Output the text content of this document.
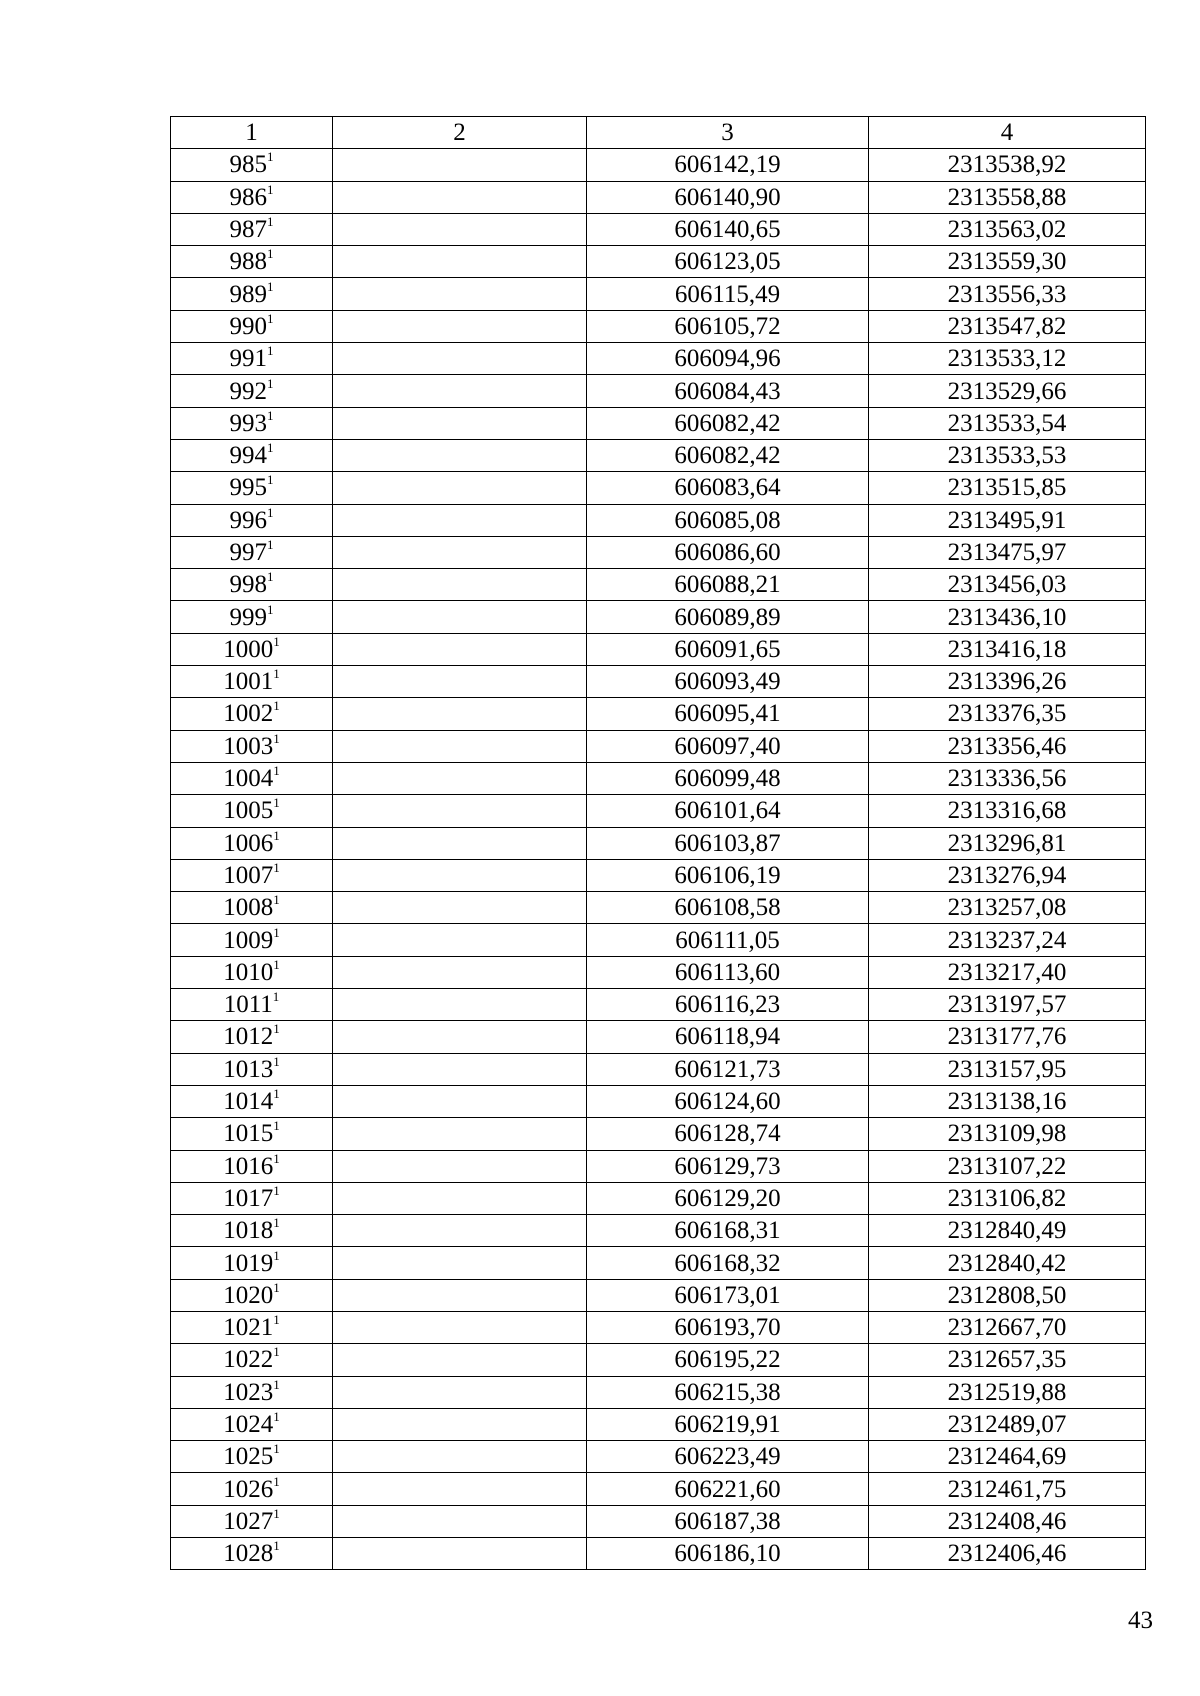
1	2	3	4
$985^1$		606142,19	2313538,92
$986^1$		606140,90	2313558,88
$987^1$		606140,65	2313563,02
$988^1$		606123,05	2313559,30
$989^1$		606115,49	2313556,33
$990^1$		606105,72	2313547,82
$991^1$		606094,96	2313533,12
$992^1$		606084,43	2313529,66
$993^1$		606082,42	2313533,54
$994^1$		606082,42	2313533,53
$995^1$		606083,64	2313515,85
$996^1$		606085,08	2313495,91
$997^1$		606086,60	2313475,97
$998^1$		606088,21	2313456,03
$999^1$		606089,89	2313436,10
1000$^1$		606091,65	2313416,18
1001$^1$		606093,49	2313396,26
1002$^1$		606095,41	2313376,35
1003$^1$		606097,40	2313356,46
1004$^1$		606099,48	2313336,56
1005$^1$		606101,64	2313316,68
1006$^1$		606103,87	2313296,81
1007$^1$		606106,19	2313276,94
1008$^1$		606108,58	2313257,08
1009$^1$		606111,05	2313237,24
1010$^1$		606113,60	2313217,40
1011$^1$		606116,23	2313197,57
1012$^1$		606118,94	2313177,76
1013$^1$		606121,73	2313157,95
1014$^1$		606124,60	2313138,16
1015$^1$		606128,74	2313109,98
1016$^1$		606129,73	2313107,22
1017$^1$		606129,20	2313106,82
1018$^1$		606168,31	2312840,49
1019$^1$		606168,32	2312840,42
1020$^1$		606173,01	2312808,50
1021$^1$		606193,70	2312667,70
1022$^1$		606195,22	2312657,35
1023$^1$		606215,38	2312519,88
1024$^1$		606219,91	2312489,07
1025$^1$		606223,49	2312464,69
1026$^1$		606221,60	2312461,75
1027$^1$		606187,38	2312408,46
1028$^1$		606186,10	2312406,46
43
